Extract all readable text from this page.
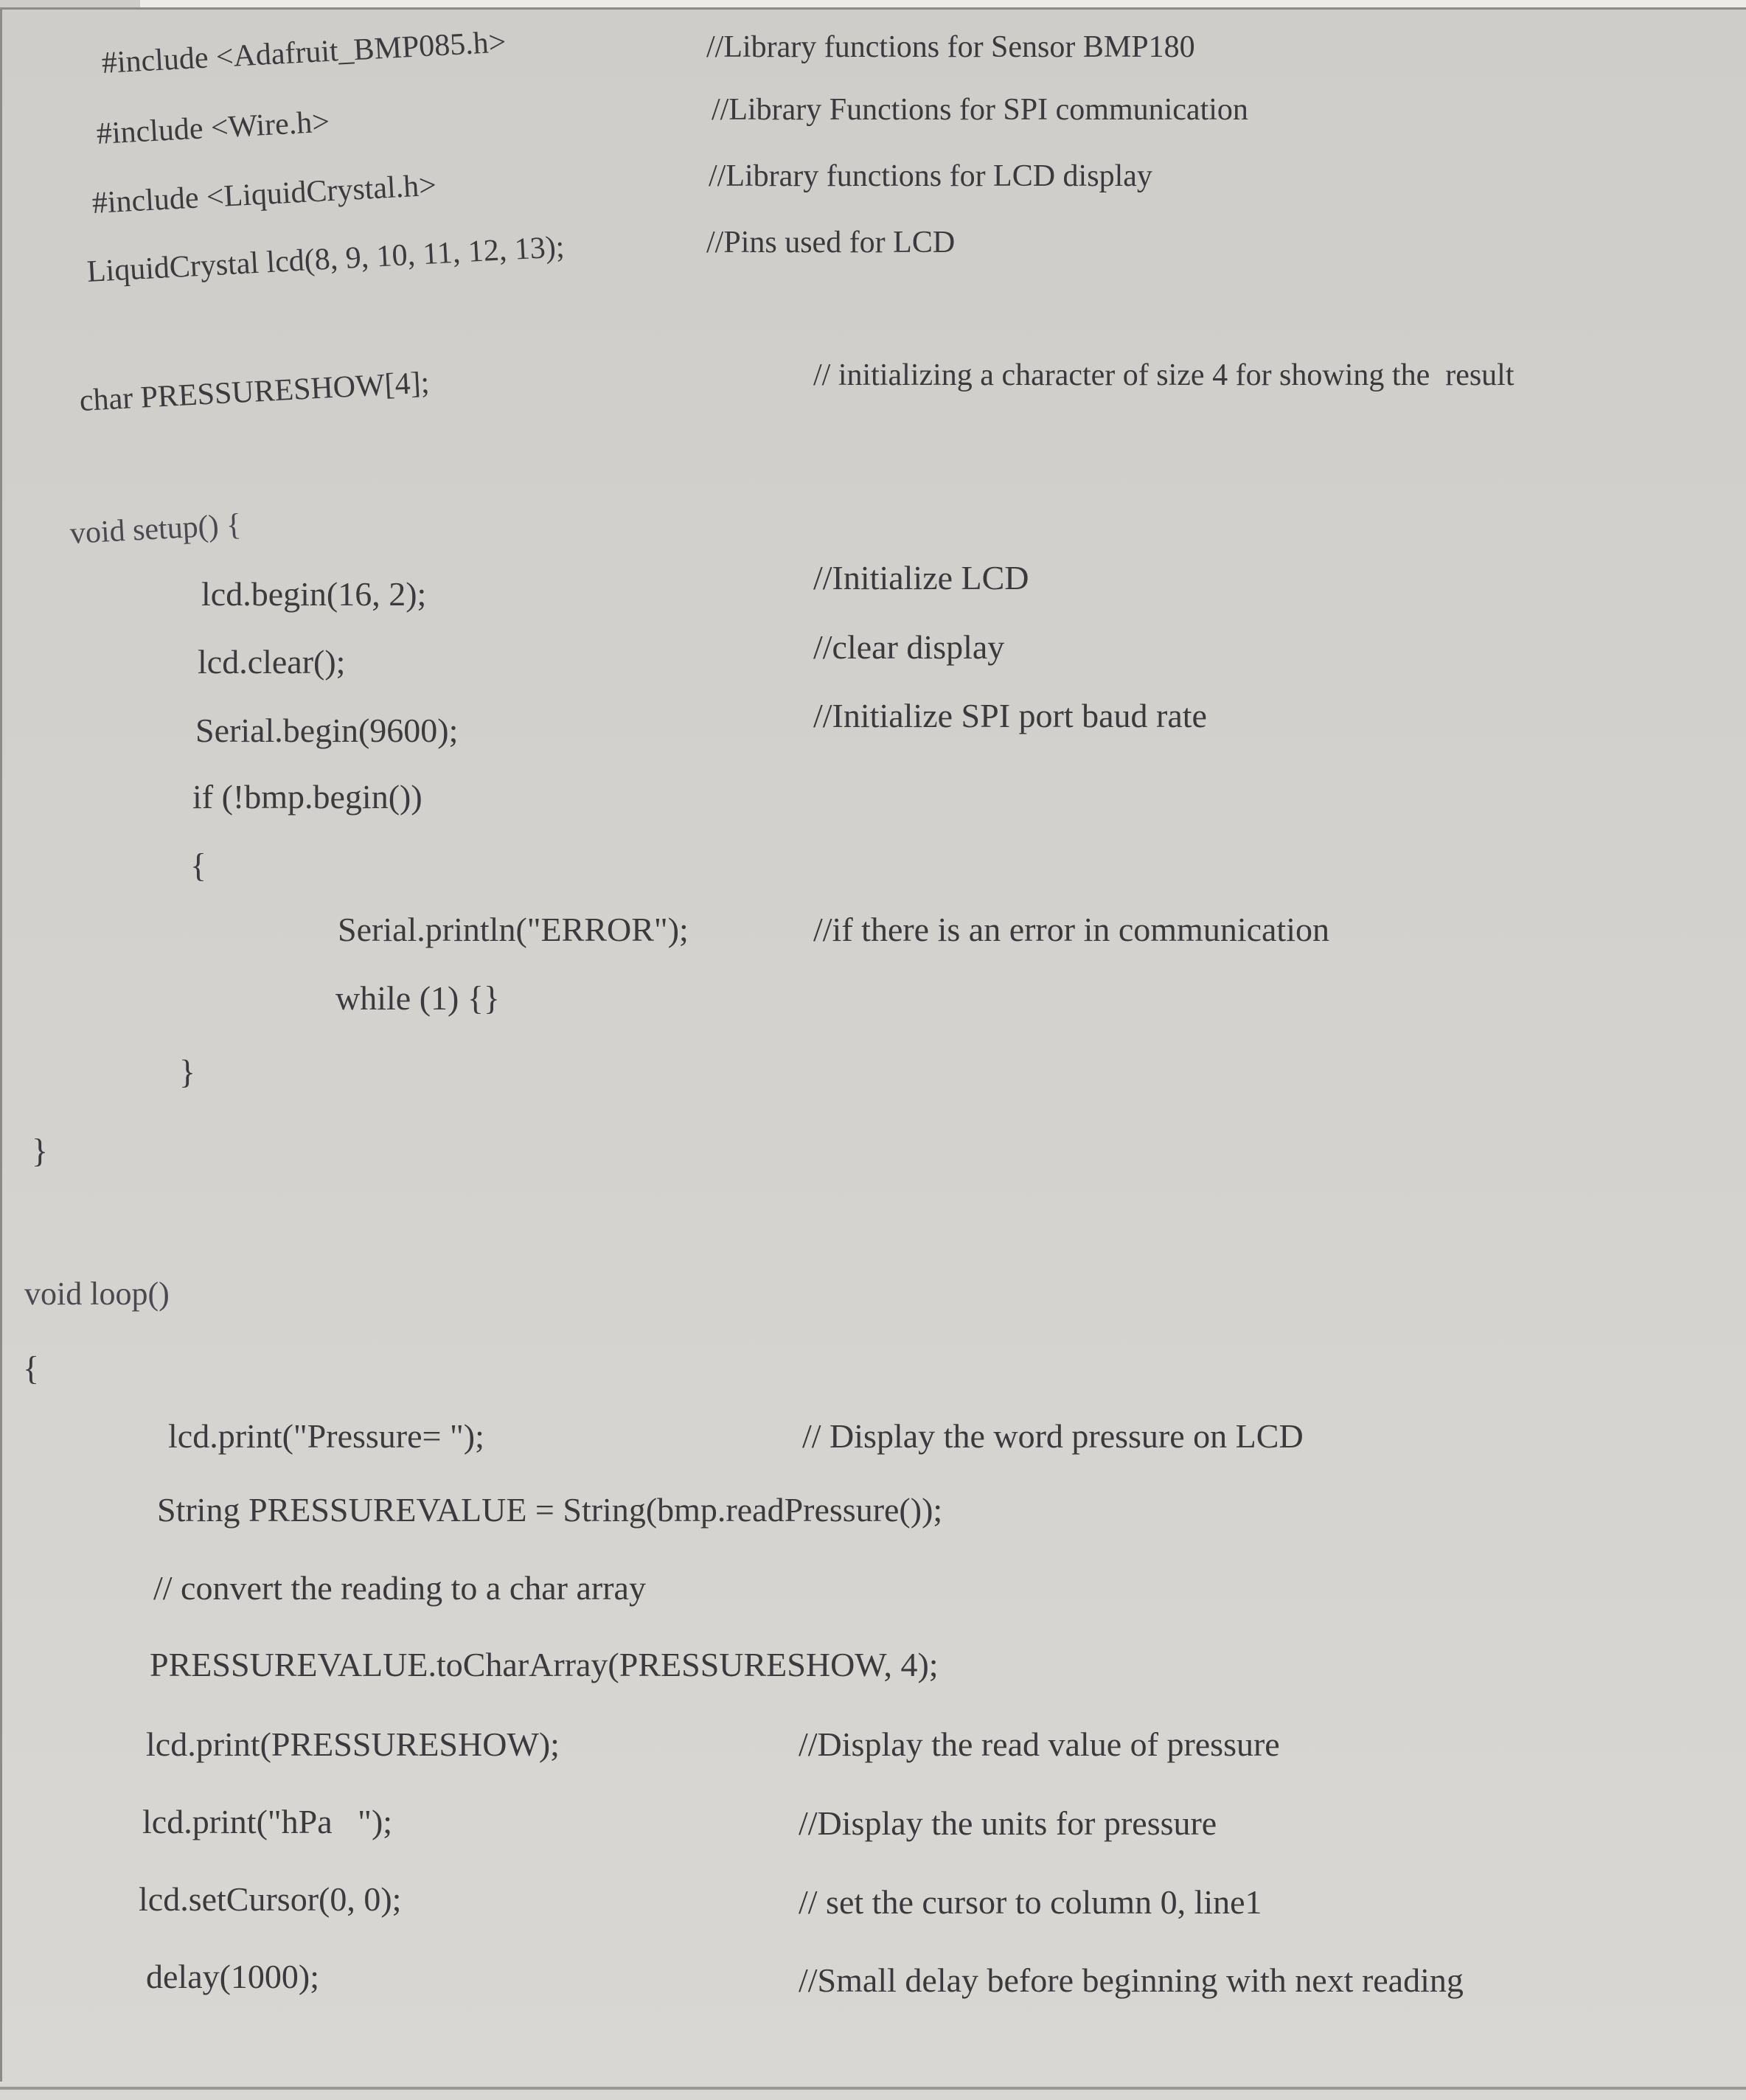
#include <Adafruit_BMP085.h>	//Library functions for Sensor BMP180
#include <Wire.h>	//Library Functions for SPI communication
#include <LiquidCrystal.h>	//Library functions for LCD display
LiquidCrystal lcd(8, 9, 10, 11, 12, 13);	//Pins used for LCD
char PRESSURESHOW[4];	// initializing a character of size 4 for showing the  result
void setup() {
lcd.begin(16, 2);	//Initialize LCD
lcd.clear();	//clear display
Serial.begin(9600);	//Initialize SPI port baud rate
if (!bmp.begin())
{
Serial.println("ERROR");	//if there is an error in communication
while (1) {}
}
}
void loop()
{
lcd.print("Pressure= ");	// Display the word pressure on LCD
String PRESSUREVALUE = String(bmp.readPressure());
// convert the reading to a char array
PRESSUREVALUE.toCharArray(PRESSURESHOW, 4);
lcd.print(PRESSURESHOW);	//Display the read value of pressure
lcd.print("hPa   ");	//Display the units for pressure
lcd.setCursor(0, 0);	// set the cursor to column 0, line1
delay(1000);	//Small delay before beginning with next reading
